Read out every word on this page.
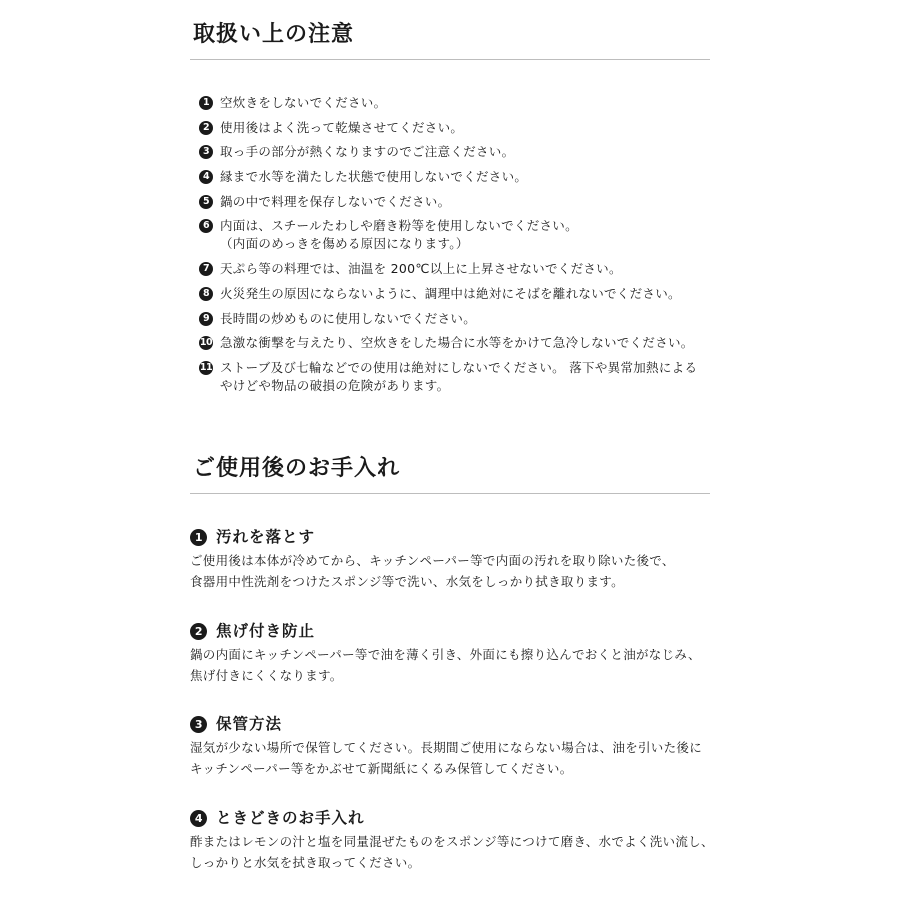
取扱い上の注意
1 空炊きをしないでください。
2 使用後はよく洗って乾燥させてください。
3 取っ手の部分が熱くなりますのでご注意ください。
4 縁まで水等を満たした状態で使用しないでください。
5 鍋の中で料理を保存しないでください。
6 内面は、スチールたわしや磨き粉等を使用しないでください。
（内面のめっきを傷める原因になります。）
7 天ぷら等の料理では、油温を 200℃以上に上昇させないでください。
8 火災発生の原因にならないように、調理中は絶対にそばを離れないでください。
9 長時間の炒めものに使用しないでください。
10 急激な衝撃を与えたり、空炊きをした場合に水等をかけて急冷しないでください。
11 ストーブ及び七輪などでの使用は絶対にしないでください。 落下や異常加熱による
やけどや物品の破損の危険があります。
ご使用後のお手入れ
1 汚れを落とす

ご使用後は本体が冷めてから、キッチンペーパー等で内面の汚れを取り除いた後で、
食器用中性洗剤をつけたスポンジ等で洗い、水気をしっかり拭き取ります。

2 焦げ付き防止

鍋の内面にキッチンペーパー等で油を薄く引き、外面にも擦り込んでおくと油がなじみ、
焦げ付きにくくなります。

3 保管方法

湿気が少ない場所で保管してください。長期間ご使用にならない場合は、油を引いた後に
キッチンペーパー等をかぶせて新聞紙にくるみ保管してください。

4 ときどきのお手入れ

酢またはレモンの汁と塩を同量混ぜたものをスポンジ等につけて磨き、水でよく洗い流し、
しっかりと水気を拭き取ってください。
